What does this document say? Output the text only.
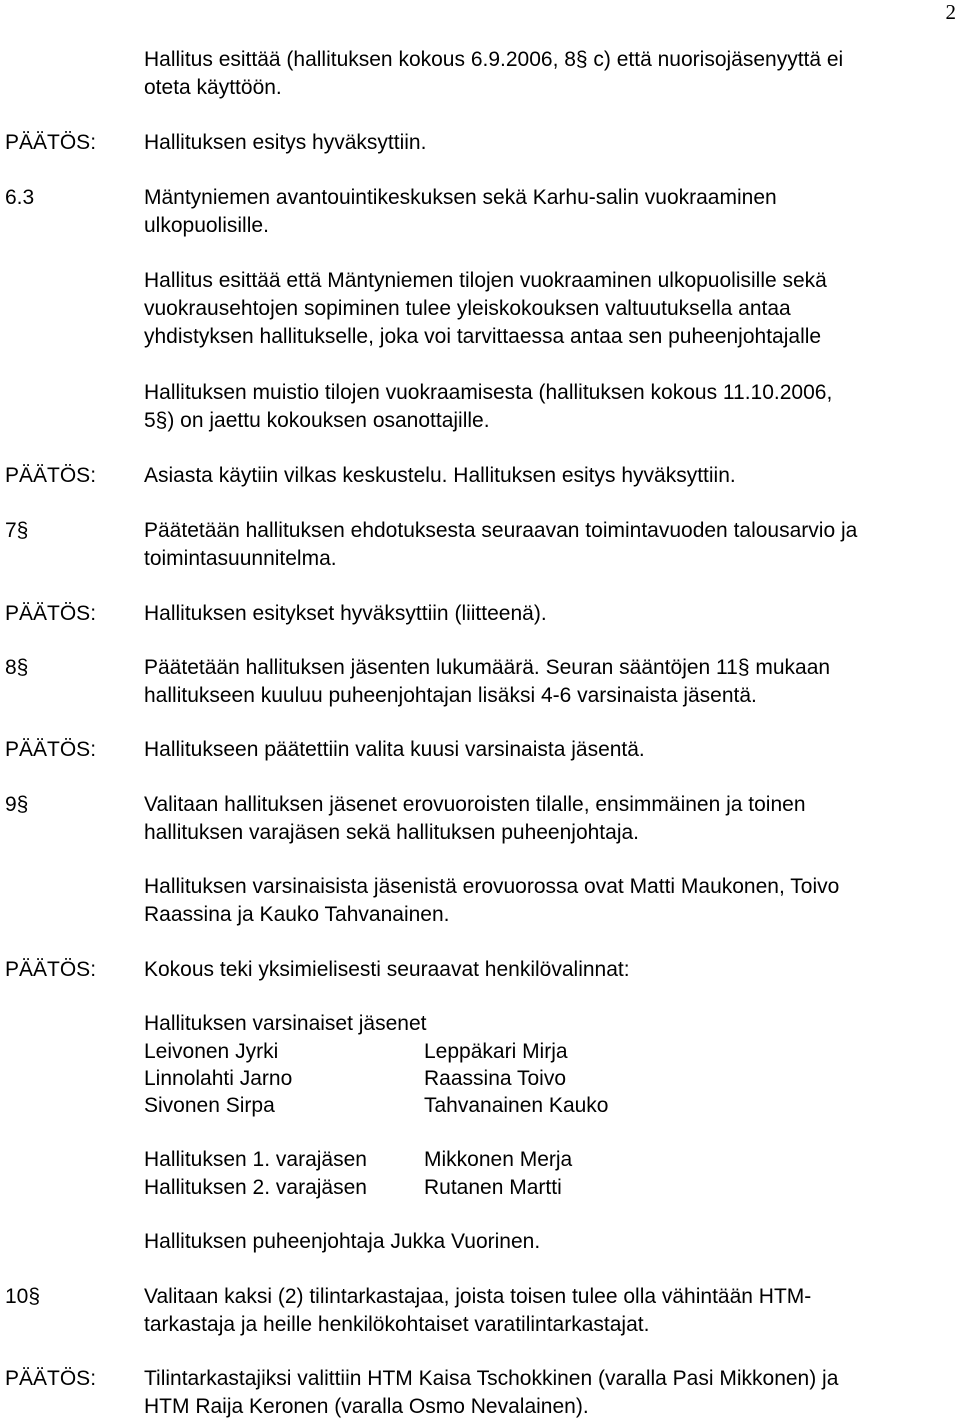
2
Hallitus esittää (hallituksen kokous 6.9.2006, 8§ c) että nuorisojäsenyyttä ei
oteta käyttöön.
PÄÄTÖS: Hallituksen esitys hyväksyttiin.
6.3	Mäntyniemen avantouintikeskuksen sekä Karhu-salin vuokraaminen
ulkopuolisille.
Hallitus esittää että Mäntyniemen tilojen vuokraaminen ulkopuolisille sekä
vuokrausehtojen sopiminen tulee yleiskokouksen valtuutuksella antaa
yhdistyksen hallitukselle, joka voi tarvittaessa antaa sen puheenjohtajalle
Hallituksen muistio tilojen vuokraamisesta (hallituksen kokous 11.10.2006,
5§) on jaettu kokouksen osanottajille.
PÄÄTÖS: Asiasta käytiin vilkas keskustelu. Hallituksen esitys hyväksyttiin.
7§	Päätetään hallituksen ehdotuksesta seuraavan toimintavuoden talousarvio ja
toimintasuunnitelma.
PÄÄTÖS: Hallituksen esitykset hyväksyttiin (liitteenä).
8§	Päätetään hallituksen jäsenten lukumäärä. Seuran sääntöjen 11§ mukaan
hallitukseen kuuluu puheenjohtajan lisäksi 4-6 varsinaista jäsentä.
PÄÄTÖS: Hallitukseen päätettiin valita kuusi varsinaista jäsentä.
9§	Valitaan hallituksen jäsenet erovuoroisten tilalle, ensimmäinen ja toinen
hallituksen varajäsen sekä hallituksen puheenjohtaja.
Hallituksen varsinaisista jäsenistä erovuorossa ovat Matti Maukonen, Toivo
Raassina ja Kauko Tahvanainen.
PÄÄTÖS: Kokous teki yksimielisesti seuraavat henkilövalinnat:
Hallituksen varsinaiset jäsenet
Leivonen Jyrki	Leppäkari Mirja
Linnolahti Jarno	Raassina Toivo
Sivonen Sirpa	Tahvanainen Kauko
Hallituksen 1. varajäsen	Mikkonen Merja
Hallituksen 2. varajäsen	Rutanen Martti
Hallituksen puheenjohtaja Jukka Vuorinen.
10§	Valitaan kaksi (2) tilintarkastajaa, joista toisen tulee olla vähintään HTM-
tarkastaja ja heille henkilökohtaiset varatilintarkastajat.
PÄÄTÖS: Tilintarkastajiksi valittiin HTM Kaisa Tschokkinen (varalla Pasi Mikkonen) ja
HTM Raija Keronen (varalla Osmo Nevalainen).
